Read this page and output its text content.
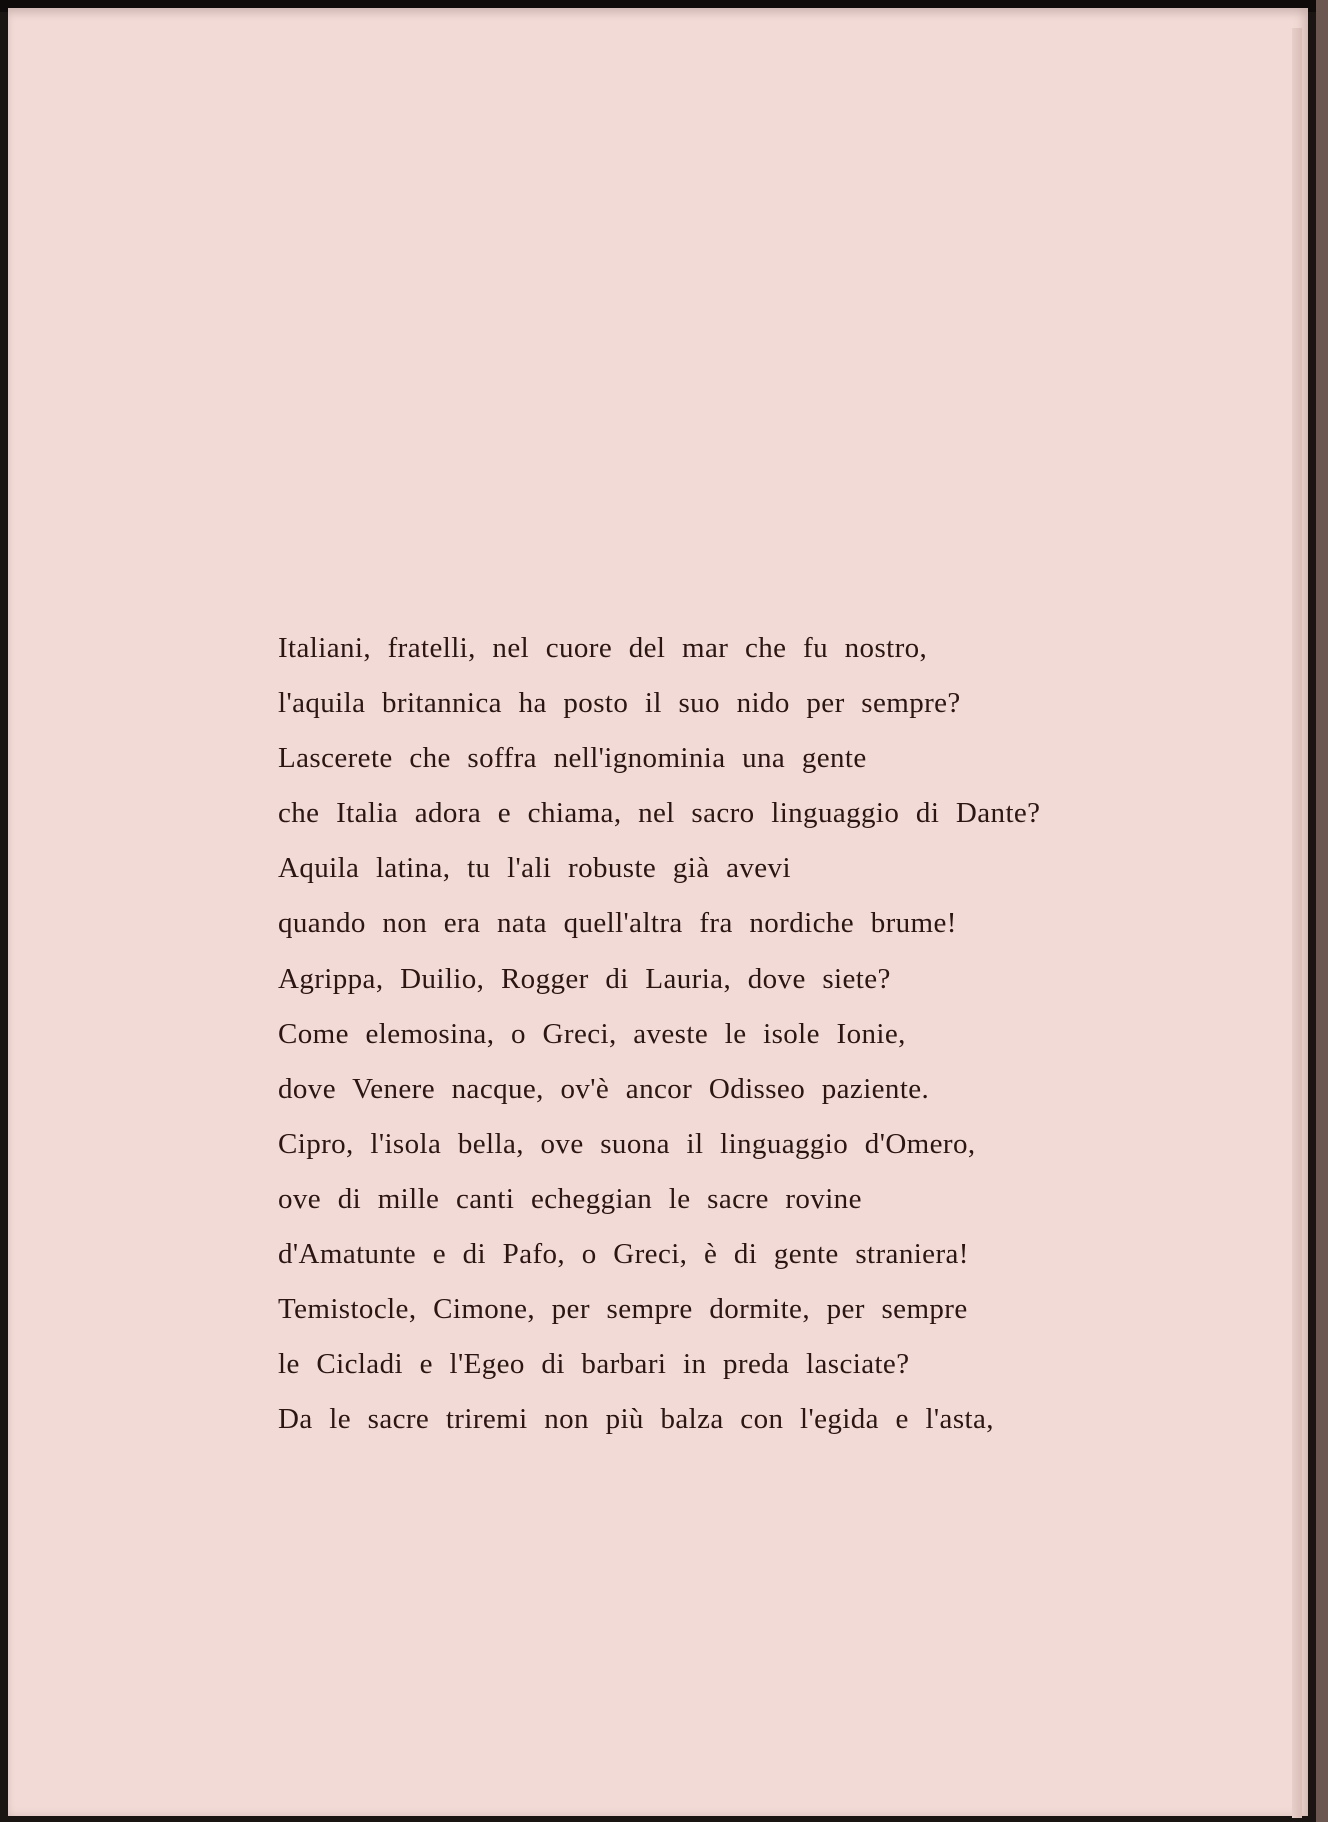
Italiani, fratelli, nel cuore del mar che fu nostro,
l'aquila britannica ha posto il suo nido per sempre?
Lascerete che soffra nell'ignominia una gente
che Italia adora e chiama, nel sacro linguaggio di Dante?
Aquila latina, tu l'ali robuste già avevi
quando non era nata quell'altra fra nordiche brume!
Agrippa, Duilio, Rogger di Lauria, dove siete?
Come elemosina, o Greci, aveste le isole Ionie,
dove Venere nacque, ov'è ancor Odisseo paziente.
Cipro, l'isola bella, ove suona il linguaggio d'Omero,
ove di mille canti echeggian le sacre rovine
d'Amatunte e di Pafo, o Greci, è di gente straniera!
Temistocle, Cimone, per sempre dormite, per sempre
le Cicladi e l'Egeo di barbari in preda lasciate?
Da le sacre triremi non più balza con l'egida e l'asta,
